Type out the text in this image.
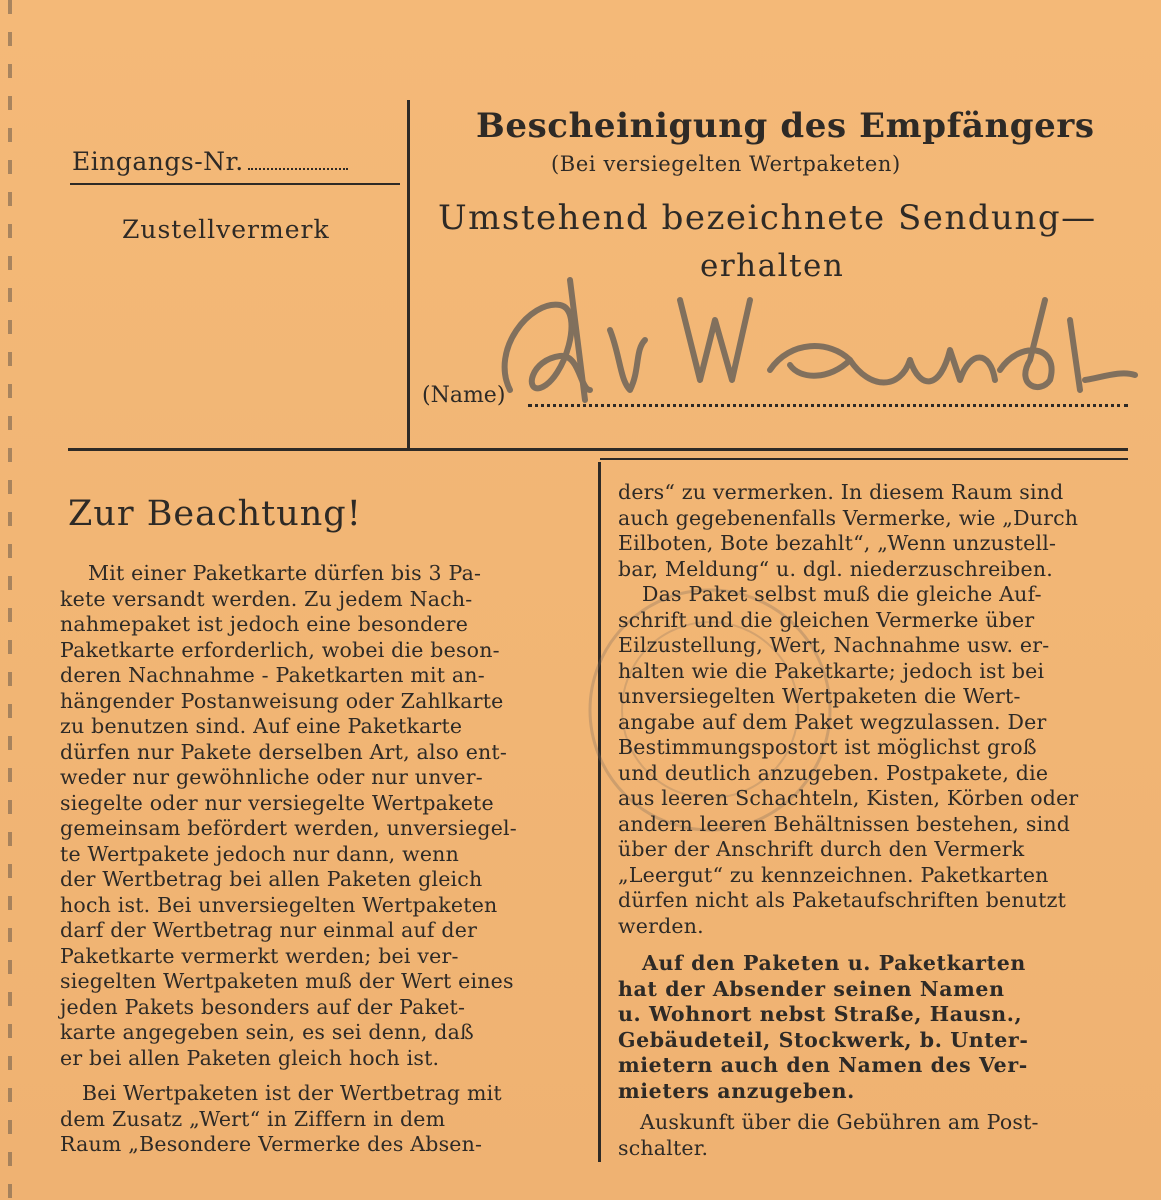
Eingangs-Nr.
Zustellvermerk
Bescheinigung des Empfängers
(Bei versiegelten Wertpaketen)
Umstehend bezeichnete Sendung—
erhalten
(Name)
Zur Beachtung!
Mit einer Paketkarte dürfen bis 3 Pa-
kete versandt werden. Zu jedem Nach-
nahmepaket ist jedoch eine besondere
Paketkarte erforderlich, wobei die beson-
deren Nachnahme - Paketkarten mit an-
hängender Postanweisung oder Zahlkarte
zu benutzen sind. Auf eine Paketkarte
dürfen nur Pakete derselben Art, also ent-
weder nur gewöhnliche oder nur unver-
siegelte oder nur versiegelte Wertpakete
gemeinsam befördert werden, unversiegel-
te Wertpakete jedoch nur dann, wenn
der Wertbetrag bei allen Paketen gleich
hoch ist. Bei unversiegelten Wertpaketen
darf der Wertbetrag nur einmal auf der
Paketkarte vermerkt werden; bei ver-
siegelten Wertpaketen muß der Wert eines
jeden Pakets besonders auf der Paket-
karte angegeben sein, es sei denn, daß
er bei allen Paketen gleich hoch ist.
Bei Wertpaketen ist der Wertbetrag mit
dem Zusatz „Wert“ in Ziffern in dem
Raum „Besondere Vermerke des Absen-
ders“ zu vermerken. In diesem Raum sind
auch gegebenenfalls Vermerke, wie „Durch
Eilboten, Bote bezahlt“, „Wenn unzustell-
bar, Meldung“ u. dgl. niederzuschreiben.
Das Paket selbst muß die gleiche Auf-
schrift und die gleichen Vermerke über
Eilzustellung, Wert, Nachnahme usw. er-
halten wie die Paketkarte; jedoch ist bei
unversiegelten Wertpaketen die Wert-
angabe auf dem Paket wegzulassen. Der
Bestimmungspostort ist möglichst groß
und deutlich anzugeben. Postpakete, die
aus leeren Schachteln, Kisten, Körben oder
andern leeren Behältnissen bestehen, sind
über der Anschrift durch den Vermerk
„Leergut“ zu kennzeichnen. Paketkarten
dürfen nicht als Paketaufschriften benutzt
werden.
Auf den Paketen u. Paketkarten
hat der Absender seinen Namen
u. Wohnort nebst Straße, Hausn.,
Gebäudeteil, Stockwerk, b. Unter-
mietern auch den Namen des Ver-
mieters anzugeben.
Auskunft über die Gebühren am Post-
schalter.
